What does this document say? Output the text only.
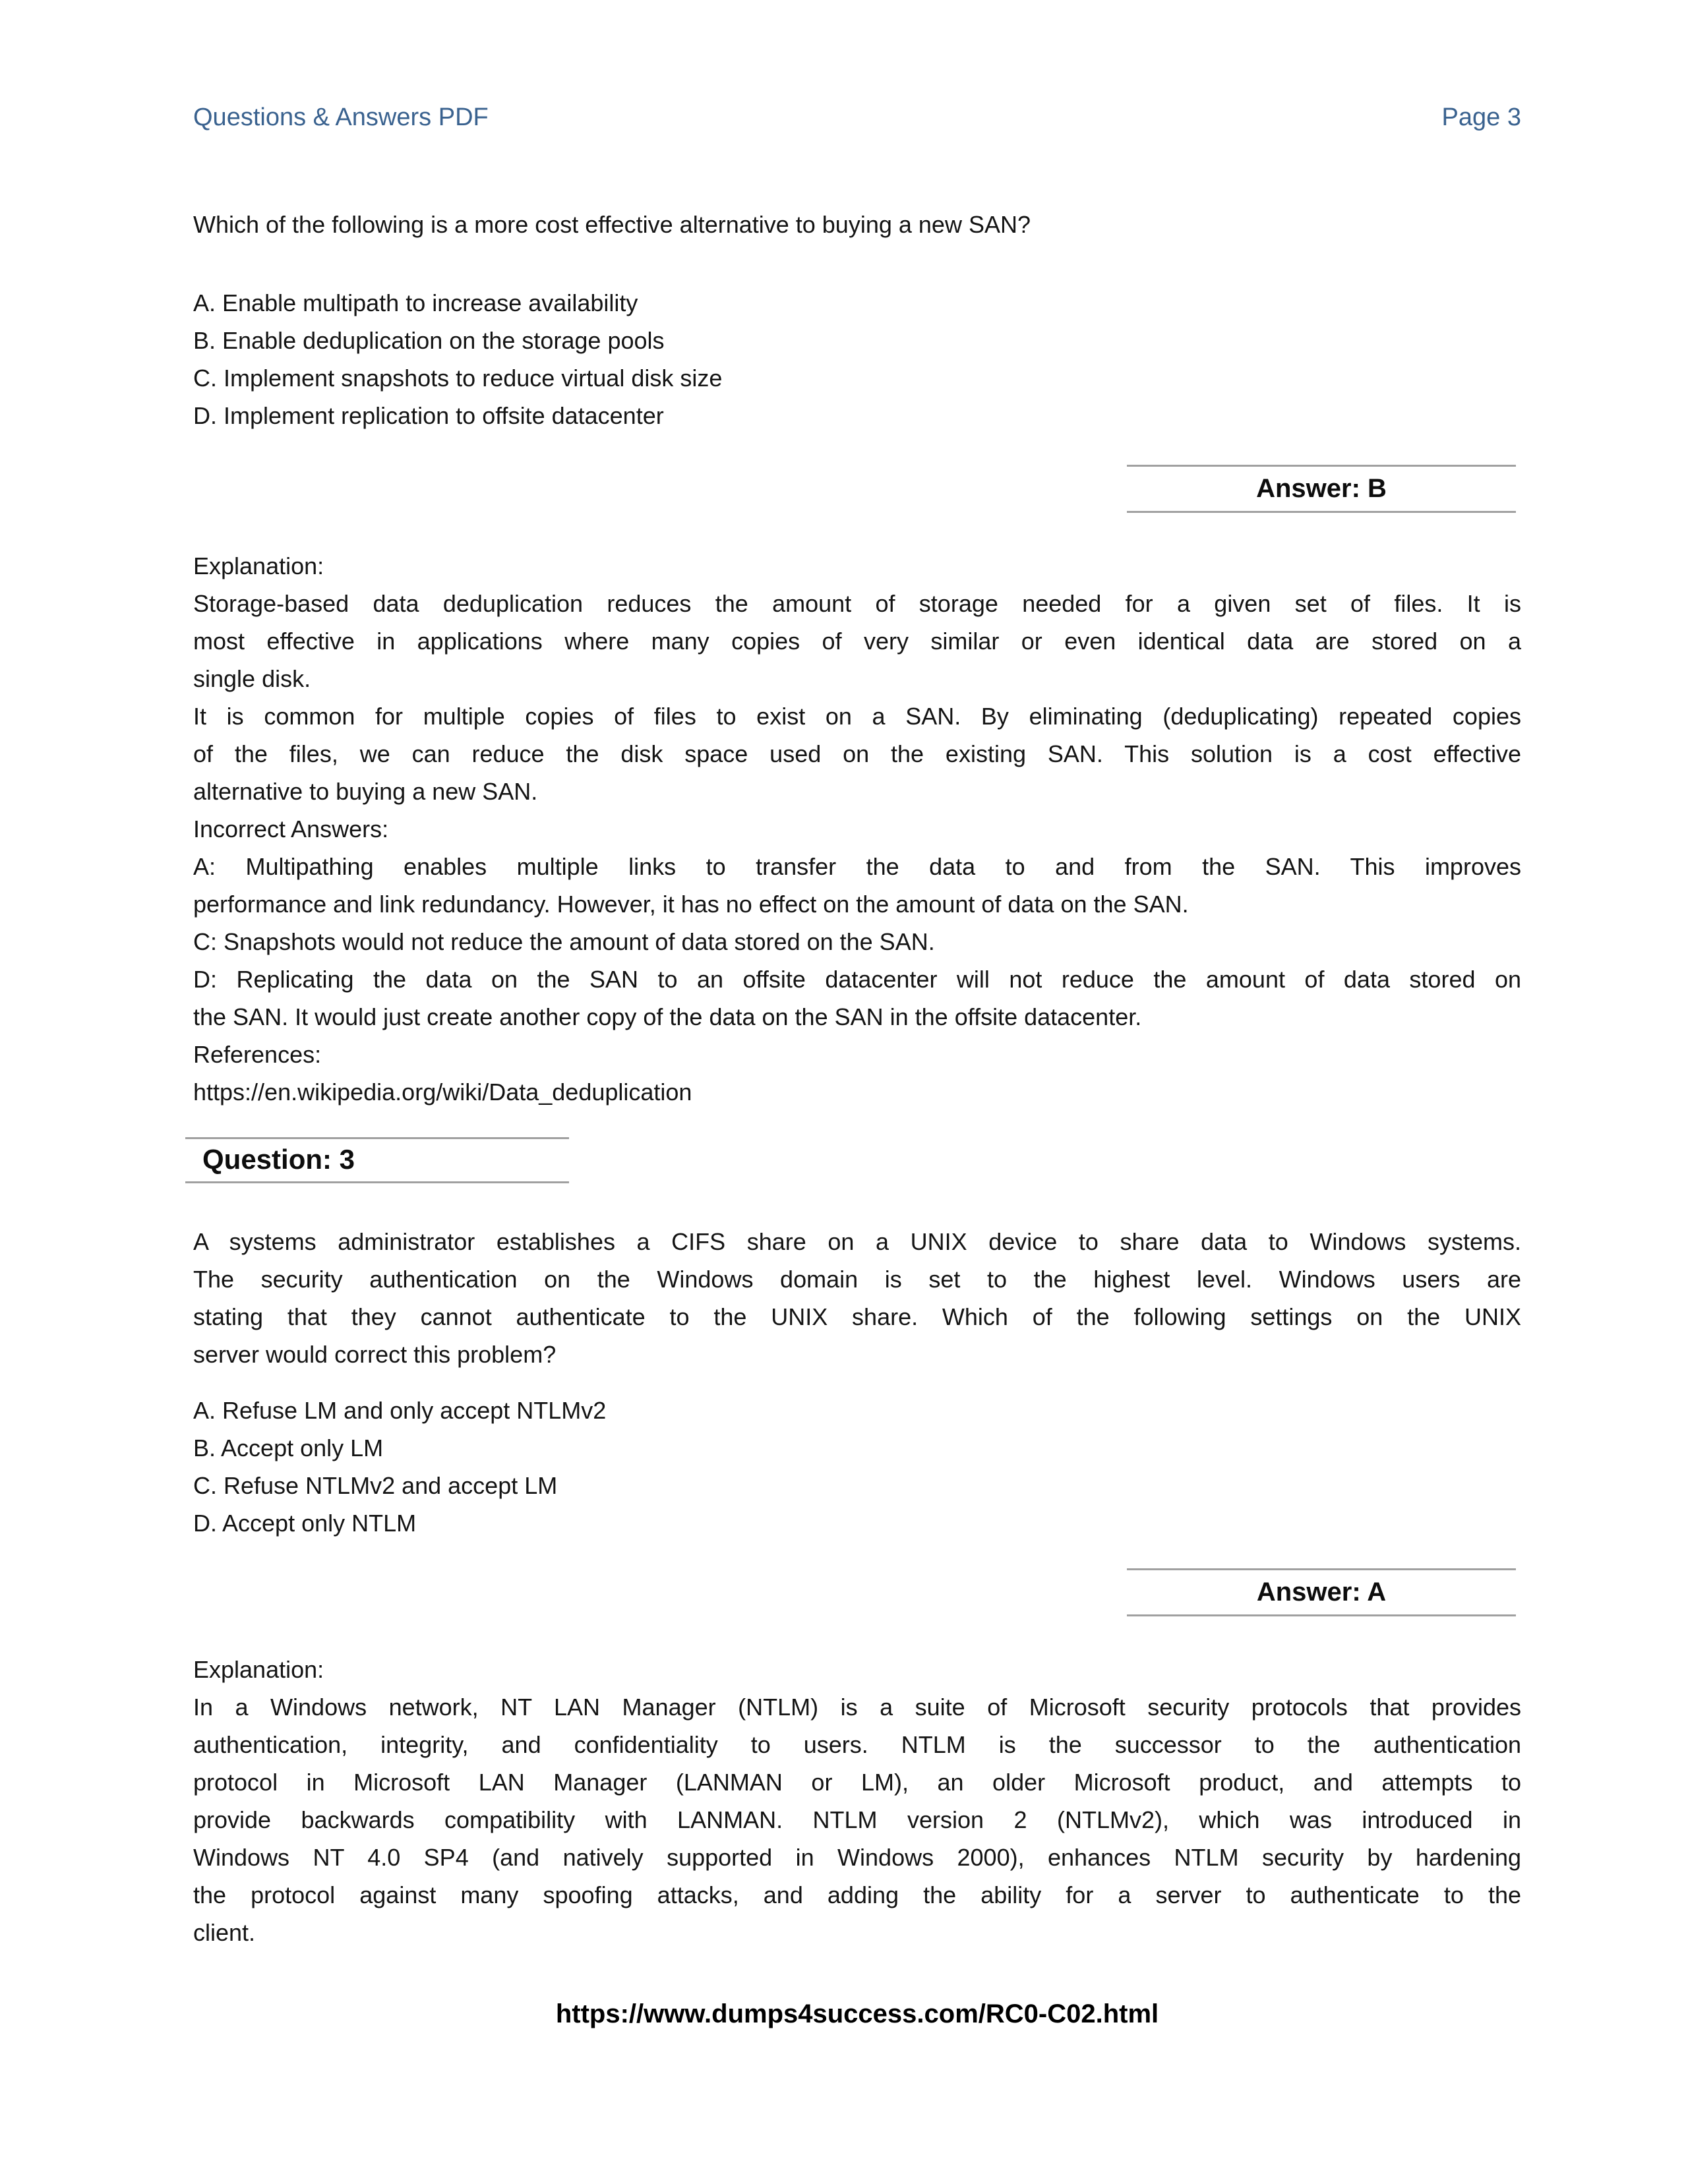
Questions & Answers PDF	Page 3
Which of the following is a more cost effective alternative to buying a new SAN?
A. Enable multipath to increase availability
B. Enable deduplication on the storage pools
C. Implement snapshots to reduce virtual disk size
D. Implement replication to offsite datacenter
Answer: B
Explanation:
Storage-based data deduplication reduces the amount of storage needed for a given set of files. It is
most effective in applications where many copies of very similar or even identical data are stored on a
single disk.
It is common for multiple copies of files to exist on a SAN. By eliminating (deduplicating) repeated copies
of the files, we can reduce the disk space used on the existing SAN. This solution is a cost effective
alternative to buying a new SAN.
Incorrect Answers:
A: Multipathing enables multiple links to transfer the data to and from the SAN. This improves
performance and link redundancy. However, it has no effect on the amount of data on the SAN.
C: Snapshots would not reduce the amount of data stored on the SAN.
D: Replicating the data on the SAN to an offsite datacenter will not reduce the amount of data stored on
the SAN. It would just create another copy of the data on the SAN in the offsite datacenter.
References:
https://en.wikipedia.org/wiki/Data_deduplication
Question: 3
A systems administrator establishes a CIFS share on a UNIX device to share data to Windows systems.
The security authentication on the Windows domain is set to the highest level. Windows users are
stating that they cannot authenticate to the UNIX share. Which of the following settings on the UNIX
server would correct this problem?
A. Refuse LM and only accept NTLMv2
B. Accept only LM
C. Refuse NTLMv2 and accept LM
D. Accept only NTLM
Answer: A
Explanation:
In a Windows network, NT LAN Manager (NTLM) is a suite of Microsoft security protocols that provides
authentication, integrity, and confidentiality to users. NTLM is the successor to the authentication
protocol in Microsoft LAN Manager (LANMAN or LM), an older Microsoft product, and attempts to
provide backwards compatibility with LANMAN. NTLM version 2 (NTLMv2), which was introduced in
Windows NT 4.0 SP4 (and natively supported in Windows 2000), enhances NTLM security by hardening
the protocol against many spoofing attacks, and adding the ability for a server to authenticate to the
client.
https://www.dumps4success.com/RC0-C02.html
